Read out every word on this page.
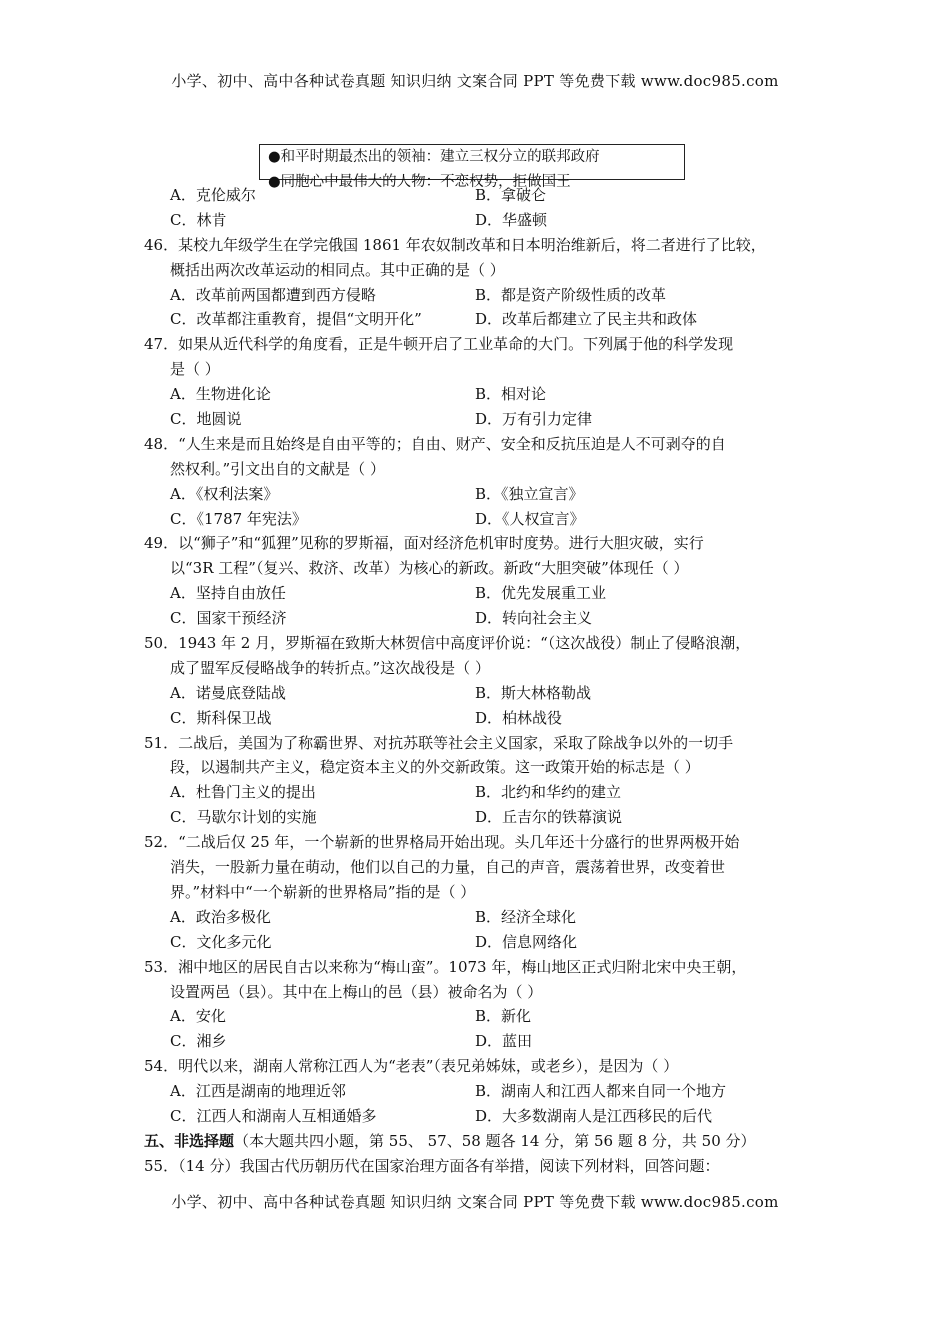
小学、初中、高中各种试卷真题 知识归纳 文案合同 PPT 等免费下载 www.doc985.com
●和平时期最杰出的领袖：建立三权分立的联邦政府
●同胞心中最伟大的人物：不恋权势，拒做国王
A．克伦威尔	B．拿破仑
C．林肯	D．华盛顿
46．某校九年级学生在学完俄国 1861 年农奴制改革和日本明治维新后，将二者进行了比较，
概括出两次改革运动的相同点。其中正确的是（ ）
A．改革前两国都遭到西方侵略	B．都是资产阶级性质的改革
C．改革都注重教育，提倡“文明开化”	D．改革后都建立了民主共和政体
47．如果从近代科学的角度看，正是牛顿开启了工业革命的大门。下列属于他的科学发现
是（ ）
A．生物进化论	B．相对论
C．地圆说	D．万有引力定律
48．“人生来是而且始终是自由平等的；自由、财产、安全和反抗压迫是人不可剥夺的自
然权利。”引文出自的文献是（ ）
A．《权利法案》	B．《独立宣言》
C．《1787 年宪法》	D．《人权宣言》
49．以“狮子”和“狐狸”见称的罗斯福，面对经济危机审时度势。进行大胆灾破，实行
以“3R 工程”（复兴、救济、改革）为核心的新政。新政“大胆突破”体现任（ ）
A．坚持自由放任	B．优先发展重工业
C．国家干预经济	D．转向社会主义
50．1943 年 2 月，罗斯福在致斯大林贺信中高度评价说：“（这次战役）制止了侵略浪潮，
成了盟军反侵略战争的转折点。”这次战役是（ ）
A．诺曼底登陆战	B．斯大林格勒战
C．斯科保卫战	D．柏林战役
51．二战后，美国为了称霸世界、对抗苏联等社会主义国家，采取了除战争以外的一切手
段，以遏制共产主义，稳定资本主义的外交新政策。这一政策开始的标志是（ ）
A．杜鲁门主义的提出	B．北约和华约的建立
C．马歇尔计划的实施	D．丘吉尔的铁幕演说
52．“二战后仅 25 年，一个崭新的世界格局开始出现。头几年还十分盛行的世界两极开始
消失，一股新力量在萌动，他们以自己的力量，自己的声音，震荡着世界，改变着世
界。”材料中“一个崭新的世界格局”指的是（ ）
A．政治多极化	B．经济全球化
C．文化多元化	D．信息网络化
53．湘中地区的居民自古以来称为“梅山蛮”。1073 年，梅山地区正式归附北宋中央王朝，
设置两邑（县）。其中在上梅山的邑（县）被命名为（ ）
A．安化	B．新化
C．湘乡	D．蓝田
54．明代以来，湖南人常称江西人为“老表”（表兄弟姊妹，或老乡），是因为（ ）
A．江西是湖南的地理近邻	B．湖南人和江西人都来自同一个地方
C．江西人和湖南人互相通婚多	D．大多数湖南人是江西移民的后代
五、非选择题（本大题共四小题，第 55、 57、58 题各 14 分，第 56 题 8 分，共 50 分）
55．（14 分）我国古代历朝历代在国家治理方面各有举措，阅读下列材料，回答问题：
小学、初中、高中各种试卷真题 知识归纳 文案合同 PPT 等免费下载 www.doc985.com
